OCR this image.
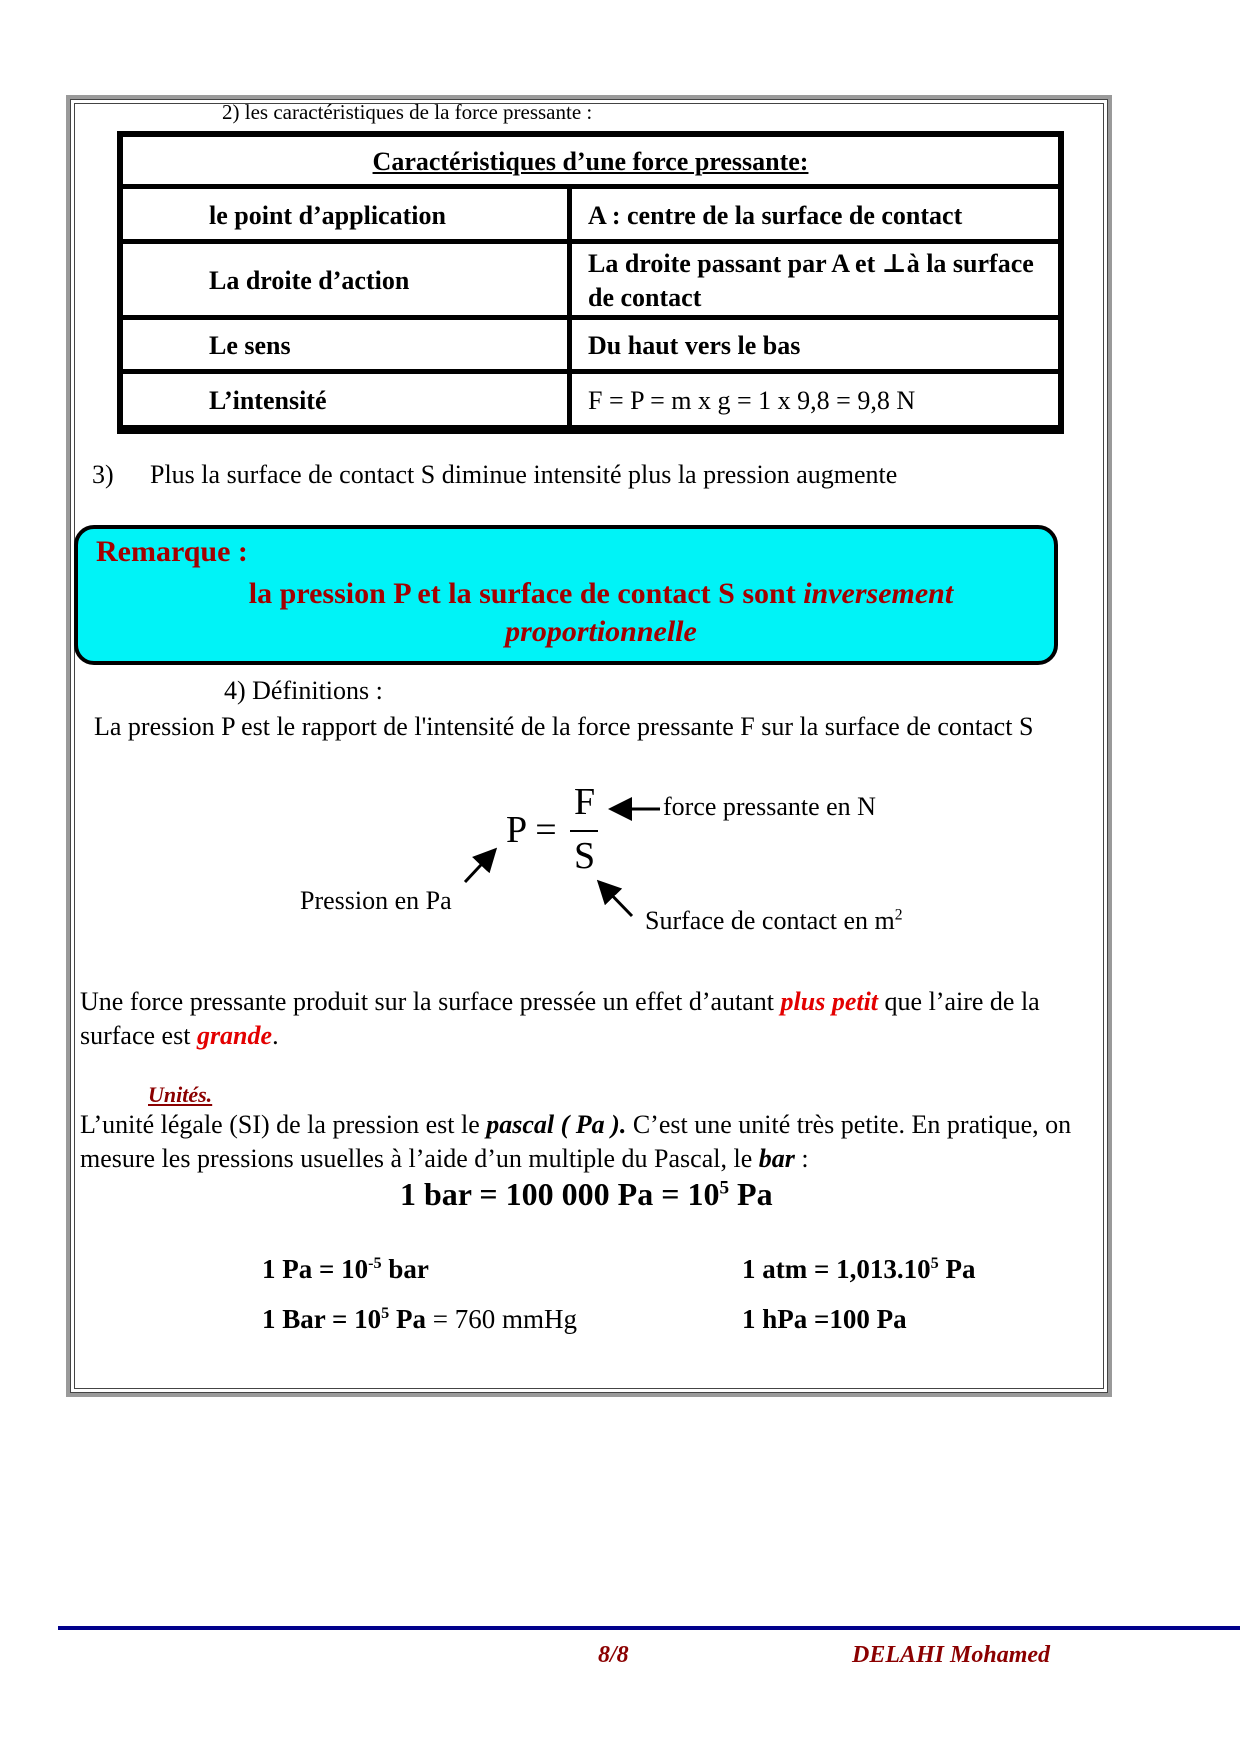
2) les caractéristiques de la force pressante :
Caractéristiques d’une force pressante:	
le point d’application	A : centre de la surface de contact
La droite d’action	La droite passant par A et ⊥à la surface de contact
Le sens	Du haut vers le bas
L’intensité	F = P = m x g = 1 x 9,8 = 9,8 N
3) Plus la surface de contact S diminue intensité plus la pression augmente
Remarque :
la pression P et la surface de contact S sont inversement
proportionnelle
4) Définitions :
La pression P est le rapport de l'intensité de la force pressante F sur la surface de contact S
P =
F
S
force pressante en N
Pression en Pa
Surface de contact en $m^2$
Une force pressante produit sur la surface pressée un effet d’autant plus petit que l’aire de la surface est grande.
Unités.
L’unité légale (SI) de la pression est le pascal ( Pa ). C’est une unité très petite. En pratique, on mesure les pressions usuelles à l’aide d’un multiple du Pascal, le bar :
1 bar = 100 000 $Pa = 10^5$ Pa
1 $Pa = 10^{-5}$ bar	1 atm = $1,013.10^5$ Pa
1 Bar = $10^5$ Pa = 760 mmHg	1 hPa =100 Pa
8/8	DELAHI Mohamed
